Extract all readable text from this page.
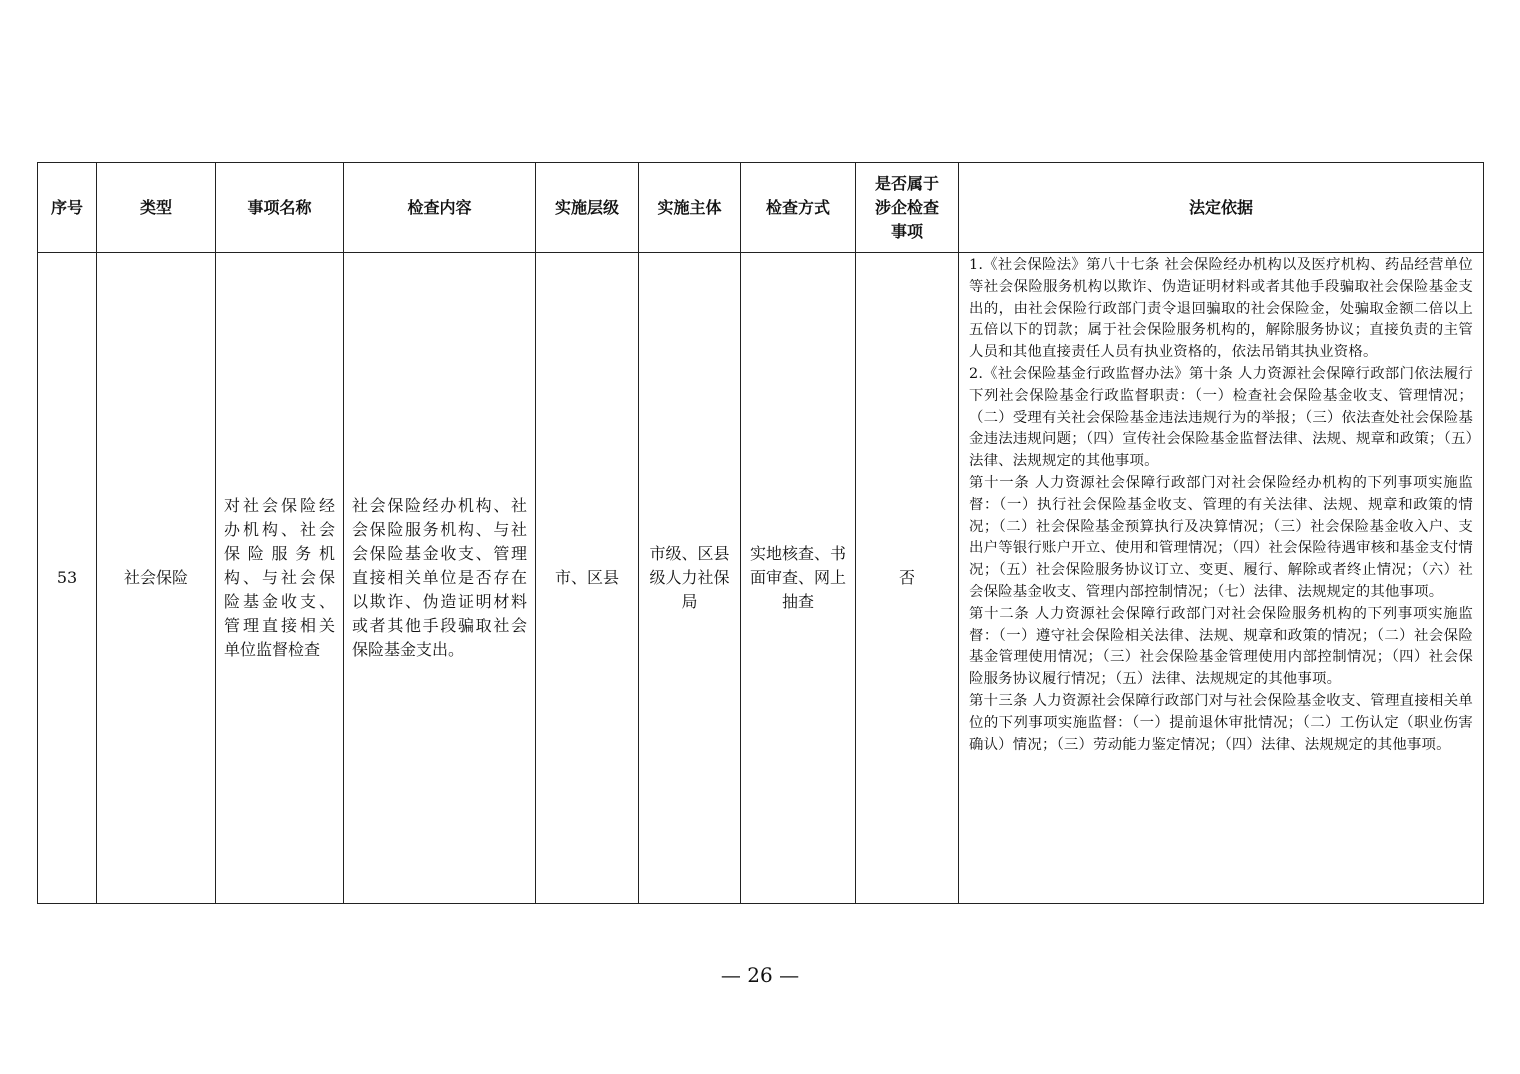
序号	类型	事项名称	检查内容	实施层级	实施主体	检查方式	是否属于涉企检查事项	法定依据
53	社会保险	对社会保险经办机构、社会保险服务机构、与社会保险基金收支、管理直接相关单位监督检查	社会保险经办机构、社会保险服务机构、与社会保险基金收支、管理直接相关单位是否存在以欺诈、伪造证明材料或者其他手段骗取社会保险基金支出。	市、区县	市级、区县级人力社保局	实地核查、书面审查、网上抽查	否	1.《社会保险法》第八十七条 社会保险经办机构以及医疗机构、药品经营单位等社会保险服务机构以欺诈、伪造证明材料或者其他手段骗取社会保险基金支出的，由社会保险行政部门责令退回骗取的社会保险金，处骗取金额二倍以上五倍以下的罚款；属于社会保险服务机构的，解除服务协议；直接负责的主管人员和其他直接责任人员有执业资格的，依法吊销其执业资格。

2.《社会保险基金行政监督办法》第十条 人力资源社会保障行政部门依法履行下列社会保险基金行政监督职责：（一）检查社会保险基金收支、管理情况；（二）受理有关社会保险基金违法违规行为的举报；（三）依法查处社会保险基金违法违规问题；（四）宣传社会保险基金监督法律、法规、规章和政策；（五）法律、法规规定的其他事项。

第十一条 人力资源社会保障行政部门对社会保险经办机构的下列事项实施监督：（一）执行社会保险基金收支、管理的有关法律、法规、规章和政策的情况；（二）社会保险基金预算执行及决算情况；（三）社会保险基金收入户、支出户等银行账户开立、使用和管理情况；（四）社会保险待遇审核和基金支付情况；（五）社会保险服务协议订立、变更、履行、解除或者终止情况；（六）社会保险基金收支、管理内部控制情况；（七）法律、法规规定的其他事项。

第十二条 人力资源社会保障行政部门对社会保险服务机构的下列事项实施监督：（一）遵守社会保险相关法律、法规、规章和政策的情况；（二）社会保险基金管理使用情况；（三）社会保险基金管理使用内部控制情况；（四）社会保险服务协议履行情况；（五）法律、法规规定的其他事项。

第十三条 人力资源社会保障行政部门对与社会保险基金收支、管理直接相关单位的下列事项实施监督：（一）提前退休审批情况；（二）工伤认定（职业伤害确认）情况；（三）劳动能力鉴定情况；（四）法律、法规规定的其他事项。

— 26 —
